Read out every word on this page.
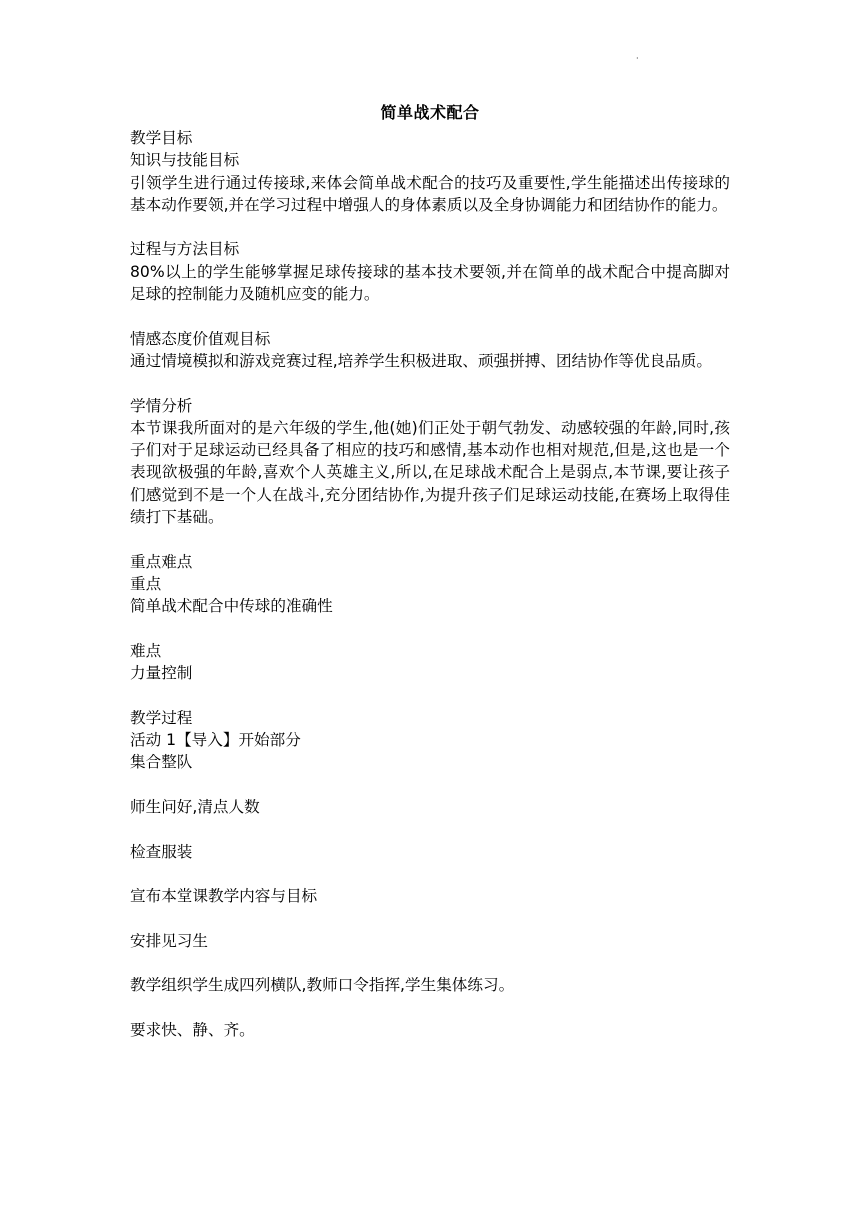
·
简单战术配合
教学目标
知识与技能目标
引领学生进行通过传接球,来体会简单战术配合的技巧及重要性,学生能描述出传接球的基本动作要领,并在学习过程中增强人的身体素质以及全身协调能力和团结协作的能力。
过程与方法目标
80%以上的学生能够掌握足球传接球的基本技术要领,并在简单的战术配合中提高脚对足球的控制能力及随机应变的能力。
情感态度价值观目标
通过情境模拟和游戏竞赛过程,培养学生积极进取、顽强拼搏、团结协作等优良品质。
学情分析
本节课我所面对的是六年级的学生,他(她)们正处于朝气勃发、动感较强的年龄,同时,孩子们对于足球运动已经具备了相应的技巧和感情,基本动作也相对规范,但是,这也是一个表现欲极强的年龄,喜欢个人英雄主义,所以,在足球战术配合上是弱点,本节课,要让孩子们感觉到不是一个人在战斗,充分团结协作,为提升孩子们足球运动技能,在赛场上取得佳绩打下基础。
重点难点
重点
简单战术配合中传球的准确性
难点
力量控制
教学过程
活动 1【导入】开始部分
集合整队
师生问好,清点人数
检查服装
宣布本堂课教学内容与目标
安排见习生
教学组织学生成四列横队,教师口令指挥,学生集体练习。
要求快、静、齐。
